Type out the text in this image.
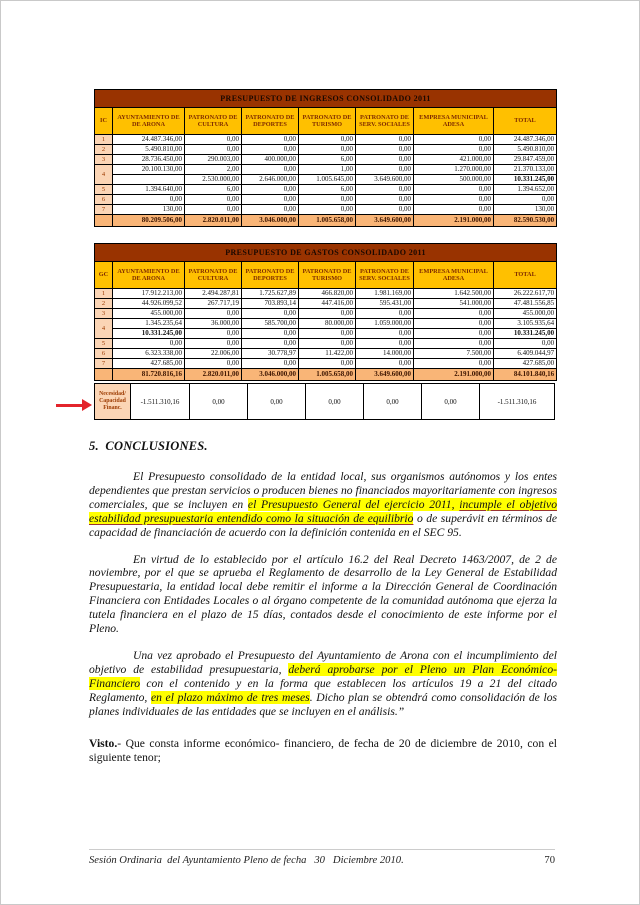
PRESUPUESTO DE INGRESOS CONSOLIDADO 2011							
IC	AYUNTAMIENTO DE DE ARONA	PATRONATO DE CULTURA	PATRONATO DE DEPORTES	PATRONATO DE TURISMO	PATRONATO DE SERV. SOCIALES	EMPRESA MUNICIPAL ADESA	TOTAL
1	24.487.346,00	0,00	0,00	0,00	0,00	0,00	24.487.346,00
2	5.490.810,00	0,00	0,00	0,00	0,00	0,00	5.490.810,00
3	28.736.450,00	290.003,00	400.000,00	6,00	0,00	421.000,00	29.847.459,00
4	20.100.130,00	2,00	0,00	1,00	0,00	1.270.000,00	21.370.133,00
		2.530.000,00	2.646.000,00	1.005.645,00	3.649.600,00	500.000,00	10.331.245,00
5	1.394.640,00	6,00	0,00	6,00	0,00	0,00	1.394.652,00
6	0,00	0,00	0,00	0,00	0,00	0,00	0,00
7	130,00	0,00	0,00	0,00	0,00	0,00	130,00
	80.209.506,00	2.820.011,00	3.046.000,00	1.005.658,00	3.649.600,00	2.191.000,00	82.590.530,00
PRESUPUESTO DE GASTOS CONSOLIDADO 2011							
GC	AYUNTAMIENTO DE DE ARONA	PATRONATO DE CULTURA	PATRONATO DE DEPORTES	PATRONATO DE TURISMO	PATRONATO DE SERV. SOCIALES	EMPRESA MUNICIPAL ADESA	TOTAL
1	17.912.213,00	2.494.287,81	1.725.627,89	466.820,00	1.981.169,00	1.642.500,00	26.222.617,70
2	44.926.099,52	267.717,19	703.893,14	447.416,00	595.431,00	541.000,00	47.481.556,85
3	455.000,00	0,00	0,00	0,00	0,00	0,00	455.000,00
4	1.345.235,64	36.000,00	585.700,00	80.000,00	1.059.000,00	0,00	3.105.935,64
	10.331.245,00	0,00	0,00	0,00	0,00	0,00	10.331.245,00
5	0,00	0,00	0,00	0,00	0,00	0,00	0,00
6	6.323.338,00	22.006,00	30.778,97	11.422,00	14.000,00	7.500,00	6.409.044,97
7	427.685,00	0,00	0,00	0,00	0,00	0,00	427.685,00
	81.720.816,16	2.820.011,00	3.046.000,00	1.005.658,00	3.649.600,00	2.191.000,00	84.101.840,16
Necesidad/
Capacidad
Financ.	-1.511.310,16	0,00	0,00	0,00	0,00	0,00	-1.511.310,16
5.  CONCLUSIONES.

El Presupuesto consolidado de la entidad local, sus organismos autónomos y los entes dependientes que prestan servicios o producen bienes no financiados mayoritariamente con ingresos comerciales, que se incluyen en el Presupuesto General del ejercicio 2011, incumple el objetivo estabilidad presupuestaria entendido como la situación de equilibrio o de superávit en términos de capacidad de financiación de acuerdo con la definición contenida en el SEC 95.

En virtud de lo establecido por el artículo 16.2 del Real Decreto 1463/2007, de 2 de noviembre, por el que se aprueba el Reglamento de desarrollo de la Ley General de Estabilidad Presupuestaria, la entidad local debe remitir el informe a la Dirección General de Coordinación Financiera con Entidades Locales o al órgano competente de la comunidad autónoma que ejerza la tutela financiera en el plazo de 15 días, contados desde el conocimiento de este informe por el Pleno.

Una vez aprobado el Presupuesto del Ayuntamiento de Arona con el incumplimiento del objetivo de estabilidad presupuestaria, deberá aprobarse por el Pleno un Plan Económico-Financiero con el contenido y en la forma que establecen los artículos 19 a 21 del citado Reglamento, en el plazo máximo de tres meses. Dicho plan se obtendrá como consolidación de los planes individuales de las entidades que se incluyen en el análisis.”

Visto.- Que consta informe económico- financiero, de fecha de 20 de diciembre de 2010, con el siguiente tenor;

Sesión Ordinaria  del Ayuntamiento Pleno de fecha   30   Diciembre 2010.	70
